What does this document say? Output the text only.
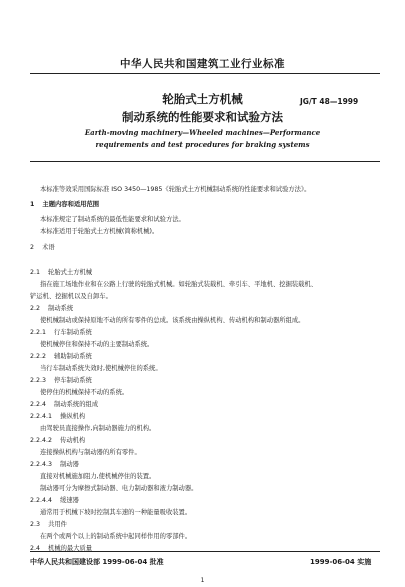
中华人民共和国建筑工业行业标准
轮胎式土方机械	JG/T 48—1999
制动系统的性能要求和试验方法
Earth-moving machinery—Wheeled machines—Performance
requirements and test procedures for braking systems
本标准等效采用国际标准 ISO 3450—1985《轮胎式土方机械制动系统的性能要求和试验方法》。
1 主题内容和适用范围
本标准规定了制动系统的最低性能要求和试验方法。
本标准适用于轮胎式土方机械(简称机械)。
2 术语
2.1 轮胎式土方机械
指在施工场地作业和在公路上行驶的轮胎式机械。如轮胎式装载机、牵引车、平地机、挖掘装载机、
铲运机、挖掘机以及自卸车。
2.2 制动系统
使机械制动或保持原地不动的所有零件的总成。该系统由操纵机构、传动机构和制动器所组成。
2.2.1 行车制动系统
使机械停住和保持不动的主要制动系统。
2.2.2 辅助制动系统
当行车制动系统失效时,使机械停住的系统。
2.2.3 停车制动系统
使停住的机械保持不动的系统。
2.2.4 制动系统的组成
2.2.4.1 操纵机构
由驾驶员直接操作,向制动器施力的机构。
2.2.4.2 传动机构
连接操纵机构与制动器的所有零件。
2.2.4.3 制动器
直接对机械施加阻力,使机械停住的装置。
制动器可分为摩擦式制动器、电力制动器和液力制动器。
2.2.4.4 缓速器
通常用于机械下坡时控制其车速的一种能量吸收装置。
2.3 共用件
在两个或两个以上的制动系统中起同样作用的零部件。
2.4 机械的最大质量
中华人民共和国建设部 1999-06-04 批准	1999-06-04 实施
1
